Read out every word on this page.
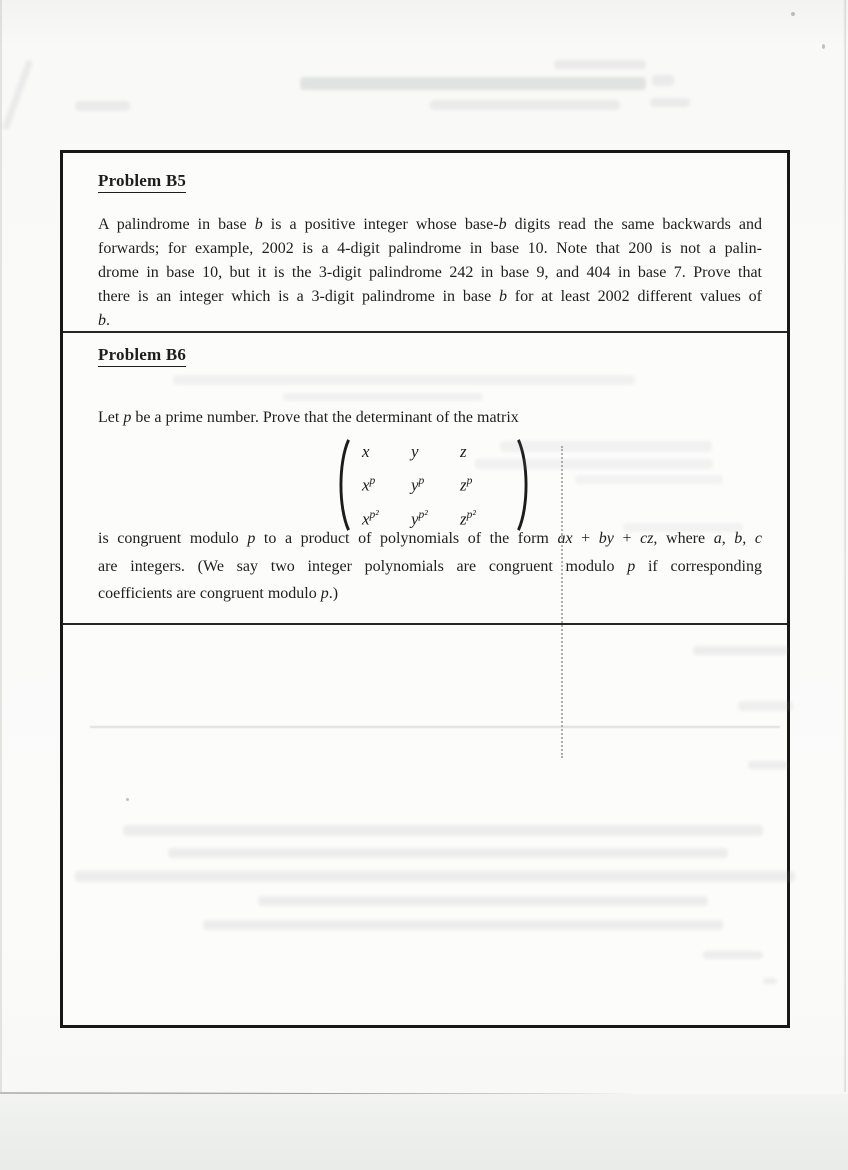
Problem B5
A palindrome in base b is a positive integer whose base-b digits read the same backwards and
forwards; for example, 2002 is a 4-digit palindrome in base 10. Note that 200 is not a palin-
drome in base 10, but it is the 3-digit palindrome 242 in base 9, and 404 in base 7. Prove that
there is an integer which is a 3-digit palindrome in base b for at least 2002 different values of
b.
Problem B6
Let p be a prime number. Prove that the determinant of the matrix
x	y	z
$x^p$	$y^p$	$z^p$
$x^{p^2}$	$y^{p^2}$	$z^{p^2}$
is congruent modulo p to a product of polynomials of the form ax + by + cz, where a, b, c
are integers. (We say two integer polynomials are congruent modulo p if corresponding
coefficients are congruent modulo p.)
